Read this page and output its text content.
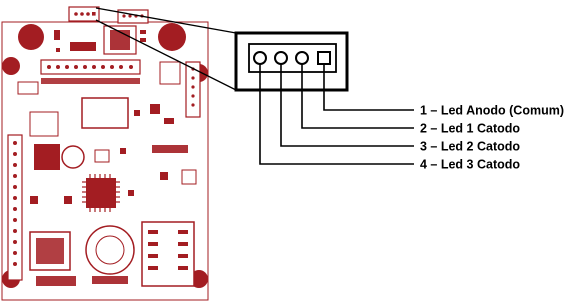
1 – Led Anodo (Comum)
2 – Led 1 Catodo
3 – Led 2 Catodo
4 – Led 3 Catodo
